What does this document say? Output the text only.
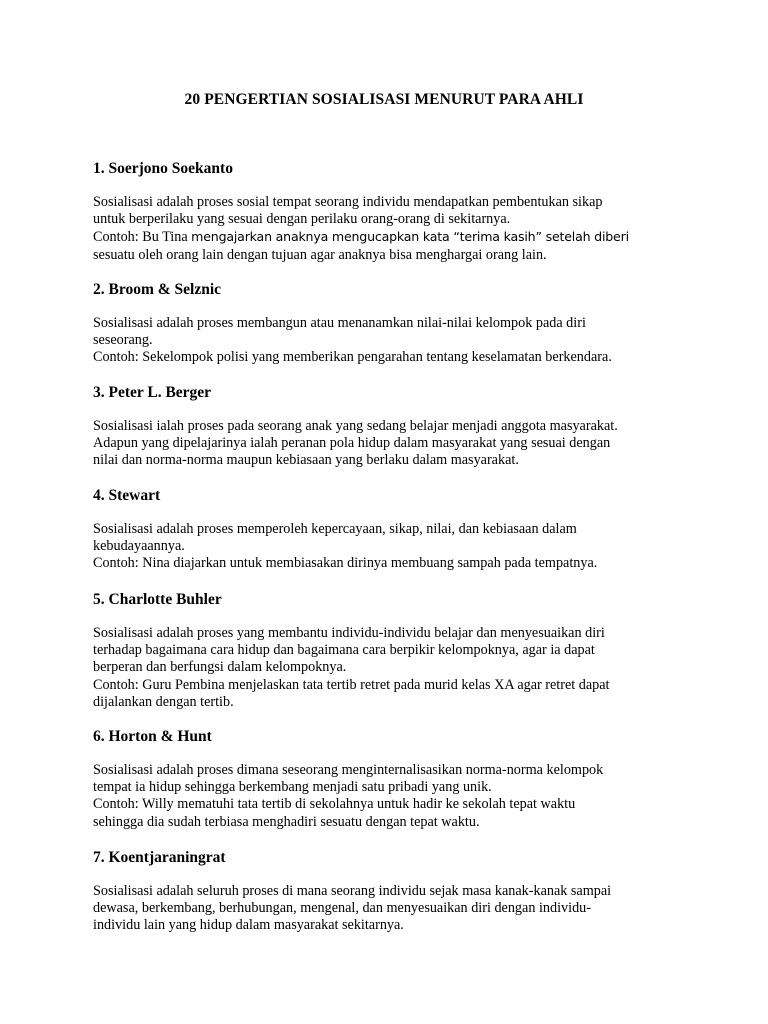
20 PENGERTIAN SOSIALISASI MENURUT PARA AHLI
1. Soerjono Soekanto
Sosialisasi adalah proses sosial tempat seorang individu mendapatkan pembentukan sikap
untuk berperilaku yang sesuai dengan perilaku orang-orang di sekitarnya.
Contoh: Bu Tina mengajarkan anaknya mengucapkan kata “terima kasih” setelah diberi
sesuatu oleh orang lain dengan tujuan agar anaknya bisa menghargai orang lain.
2. Broom & Selznic
Sosialisasi adalah proses membangun atau menanamkan nilai-nilai kelompok pada diri
seseorang.
Contoh: Sekelompok polisi yang memberikan pengarahan tentang keselamatan berkendara.
3. Peter L. Berger
Sosialisasi ialah proses pada seorang anak yang sedang belajar menjadi anggota masyarakat.
Adapun yang dipelajarinya ialah peranan pola hidup dalam masyarakat yang sesuai dengan
nilai dan norma-norma maupun kebiasaan yang berlaku dalam masyarakat.
4. Stewart
Sosialisasi adalah proses memperoleh kepercayaan, sikap, nilai, dan kebiasaan dalam
kebudayaannya.
Contoh: Nina diajarkan untuk membiasakan dirinya membuang sampah pada tempatnya.
5. Charlotte Buhler
Sosialisasi adalah proses yang membantu individu-individu belajar dan menyesuaikan diri
terhadap bagaimana cara hidup dan bagaimana cara berpikir kelompoknya, agar ia dapat
berperan dan berfungsi dalam kelompoknya.
Contoh: Guru Pembina menjelaskan tata tertib retret pada murid kelas XA agar retret dapat
dijalankan dengan tertib.
6. Horton & Hunt
Sosialisasi adalah proses dimana seseorang menginternalisasikan norma-norma kelompok
tempat ia hidup sehingga berkembang menjadi satu pribadi yang unik.
Contoh: Willy mematuhi tata tertib di sekolahnya untuk hadir ke sekolah tepat waktu
sehingga dia sudah terbiasa menghadiri sesuatu dengan tepat waktu.
7. Koentjaraningrat
Sosialisasi adalah seluruh proses di mana seorang individu sejak masa kanak-kanak sampai
dewasa, berkembang, berhubungan, mengenal, dan menyesuaikan diri dengan individu-
individu lain yang hidup dalam masyarakat sekitarnya.
